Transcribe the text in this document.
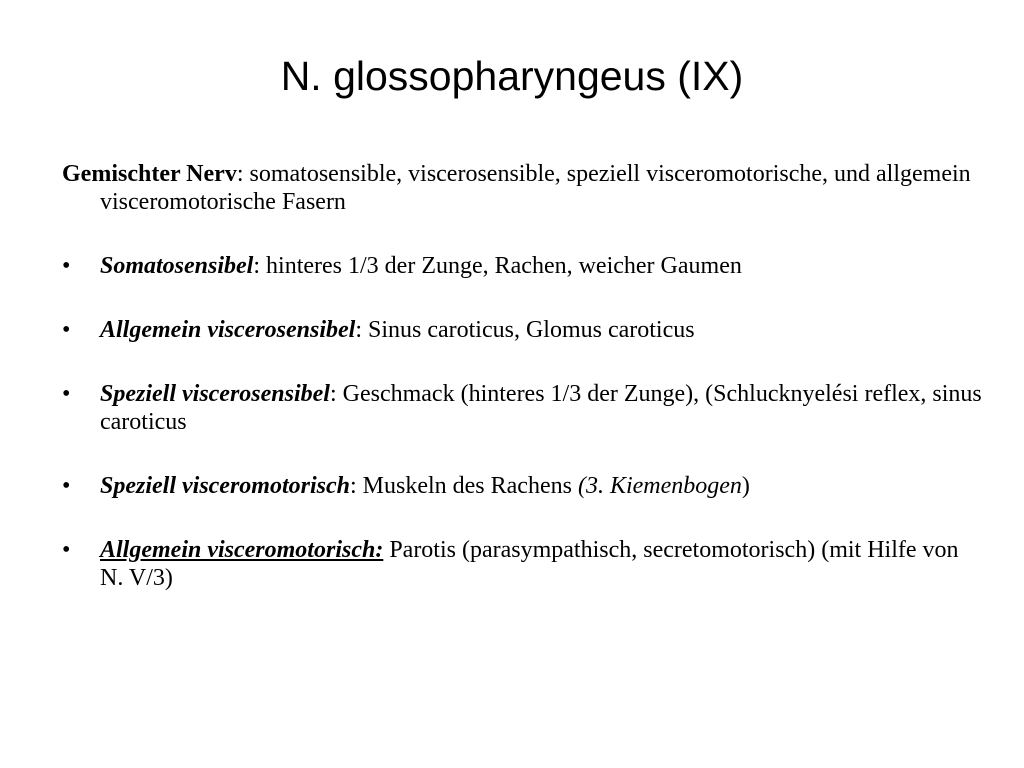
N. glossopharyngeus (IX)

Gemischter Nerv: somatosensible, viscerosensible, speziell visceromotorische, und allgemein visceromotorische Fasern

• Somatosensibel: hinteres 1/3 der Zunge, Rachen, weicher Gaumen
• Allgemein viscerosensibel: Sinus caroticus, Glomus caroticus
• Speziell viscerosensibel: Geschmack (hinteres 1/3 der Zunge), (Schlucknyelési reflex, sinus caroticus
• Speziell visceromotorisch: Muskeln des Rachens (3. Kiemenbogen)
• Allgemein visceromotorisch: Parotis (parasympathisch, secretomotorisch) (mit Hilfe von N. V/3)
